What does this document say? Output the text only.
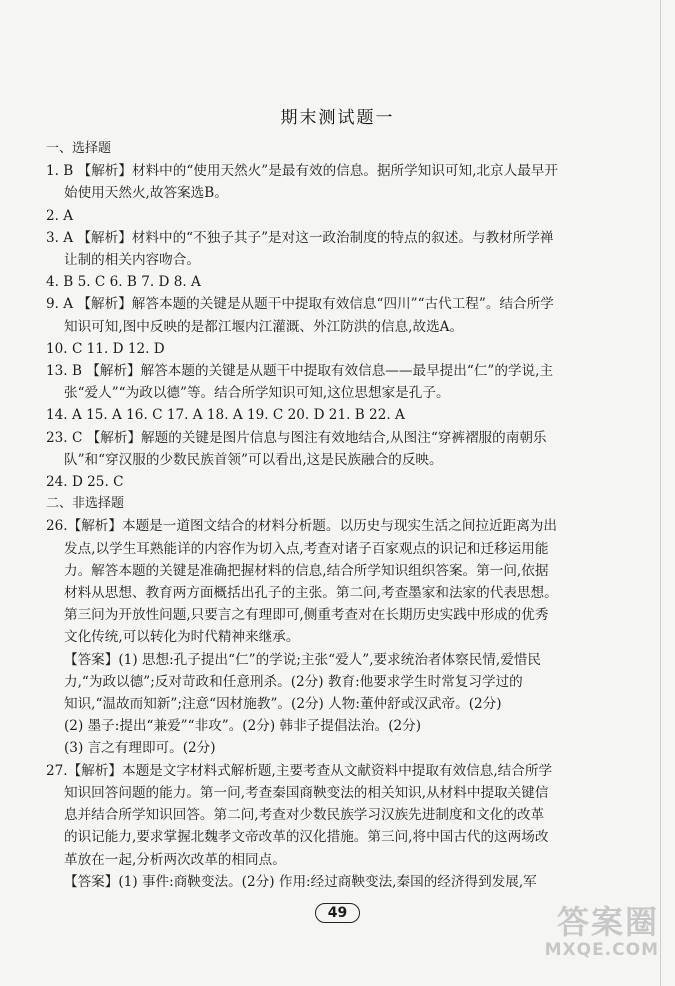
期末测试题一
一、选择题
1. B 【解析】材料中的“使用天然火”是最有效的信息。据所学知识可知,北京人最早开
始使用天然火,故答案选B。
2. A
3. A 【解析】材料中的“不独子其子”是对这一政治制度的特点的叙述。与教材所学禅
让制的相关内容吻合。
4. B 5. C 6. B 7. D 8. A
9. A 【解析】解答本题的关键是从题干中提取有效信息“四川”“古代工程”。结合所学
知识可知,图中反映的是都江堰内江灌溉、外江防洪的信息,故选A。
10. C 11. D 12. D
13. B 【解析】解答本题的关键是从题干中提取有效信息——最早提出“仁”的学说,主
张“爱人”“为政以德”等。结合所学知识可知,这位思想家是孔子。
14. A 15. A 16. C 17. A 18. A 19. C 20. D 21. B 22. A
23. C 【解析】解题的关键是图片信息与图注有效地结合,从图注“穿裤褶服的南朝乐
队”和“穿汉服的少数民族首领”可以看出,这是民族融合的反映。
24. D 25. C
二、非选择题
26.【解析】本题是一道图文结合的材料分析题。以历史与现实生活之间拉近距离为出
发点,以学生耳熟能详的内容作为切入点,考查对诸子百家观点的识记和迁移运用能
力。解答本题的关键是准确把握材料的信息,结合所学知识组织答案。第一问,依据
材料从思想、教育两方面概括出孔子的主张。第二问,考查墨家和法家的代表思想。
第三问为开放性问题,只要言之有理即可,侧重考查对在长期历史实践中形成的优秀
文化传统,可以转化为时代精神来继承。
【答案】(1) 思想:孔子提出“仁”的学说;主张“爱人”,要求统治者体察民情,爱惜民
力,“为政以德”;反对苛政和任意刑杀。(2分) 教育:他要求学生时常复习学过的
知识,“温故而知新”;注意“因材施教”。(2分) 人物:董仲舒或汉武帝。(2分)
(2) 墨子:提出“兼爱”“非攻”。(2分) 韩非子提倡法治。(2分)
(3) 言之有理即可。(2分)
27.【解析】本题是文字材料式解析题,主要考查从文献资料中提取有效信息,结合所学
知识回答问题的能力。第一问,考查秦国商鞅变法的相关知识,从材料中提取关键信
息并结合所学知识回答。第二问,考查对少数民族学习汉族先进制度和文化的改革
的识记能力,要求掌握北魏孝文帝改革的汉化措施。第三问,将中国古代的这两场改
革放在一起,分析两次改革的相同点。
【答案】(1) 事件:商鞅变法。(2分) 作用:经过商鞅变法,秦国的经济得到发展,军
49	答案圈
MXQE.COM
